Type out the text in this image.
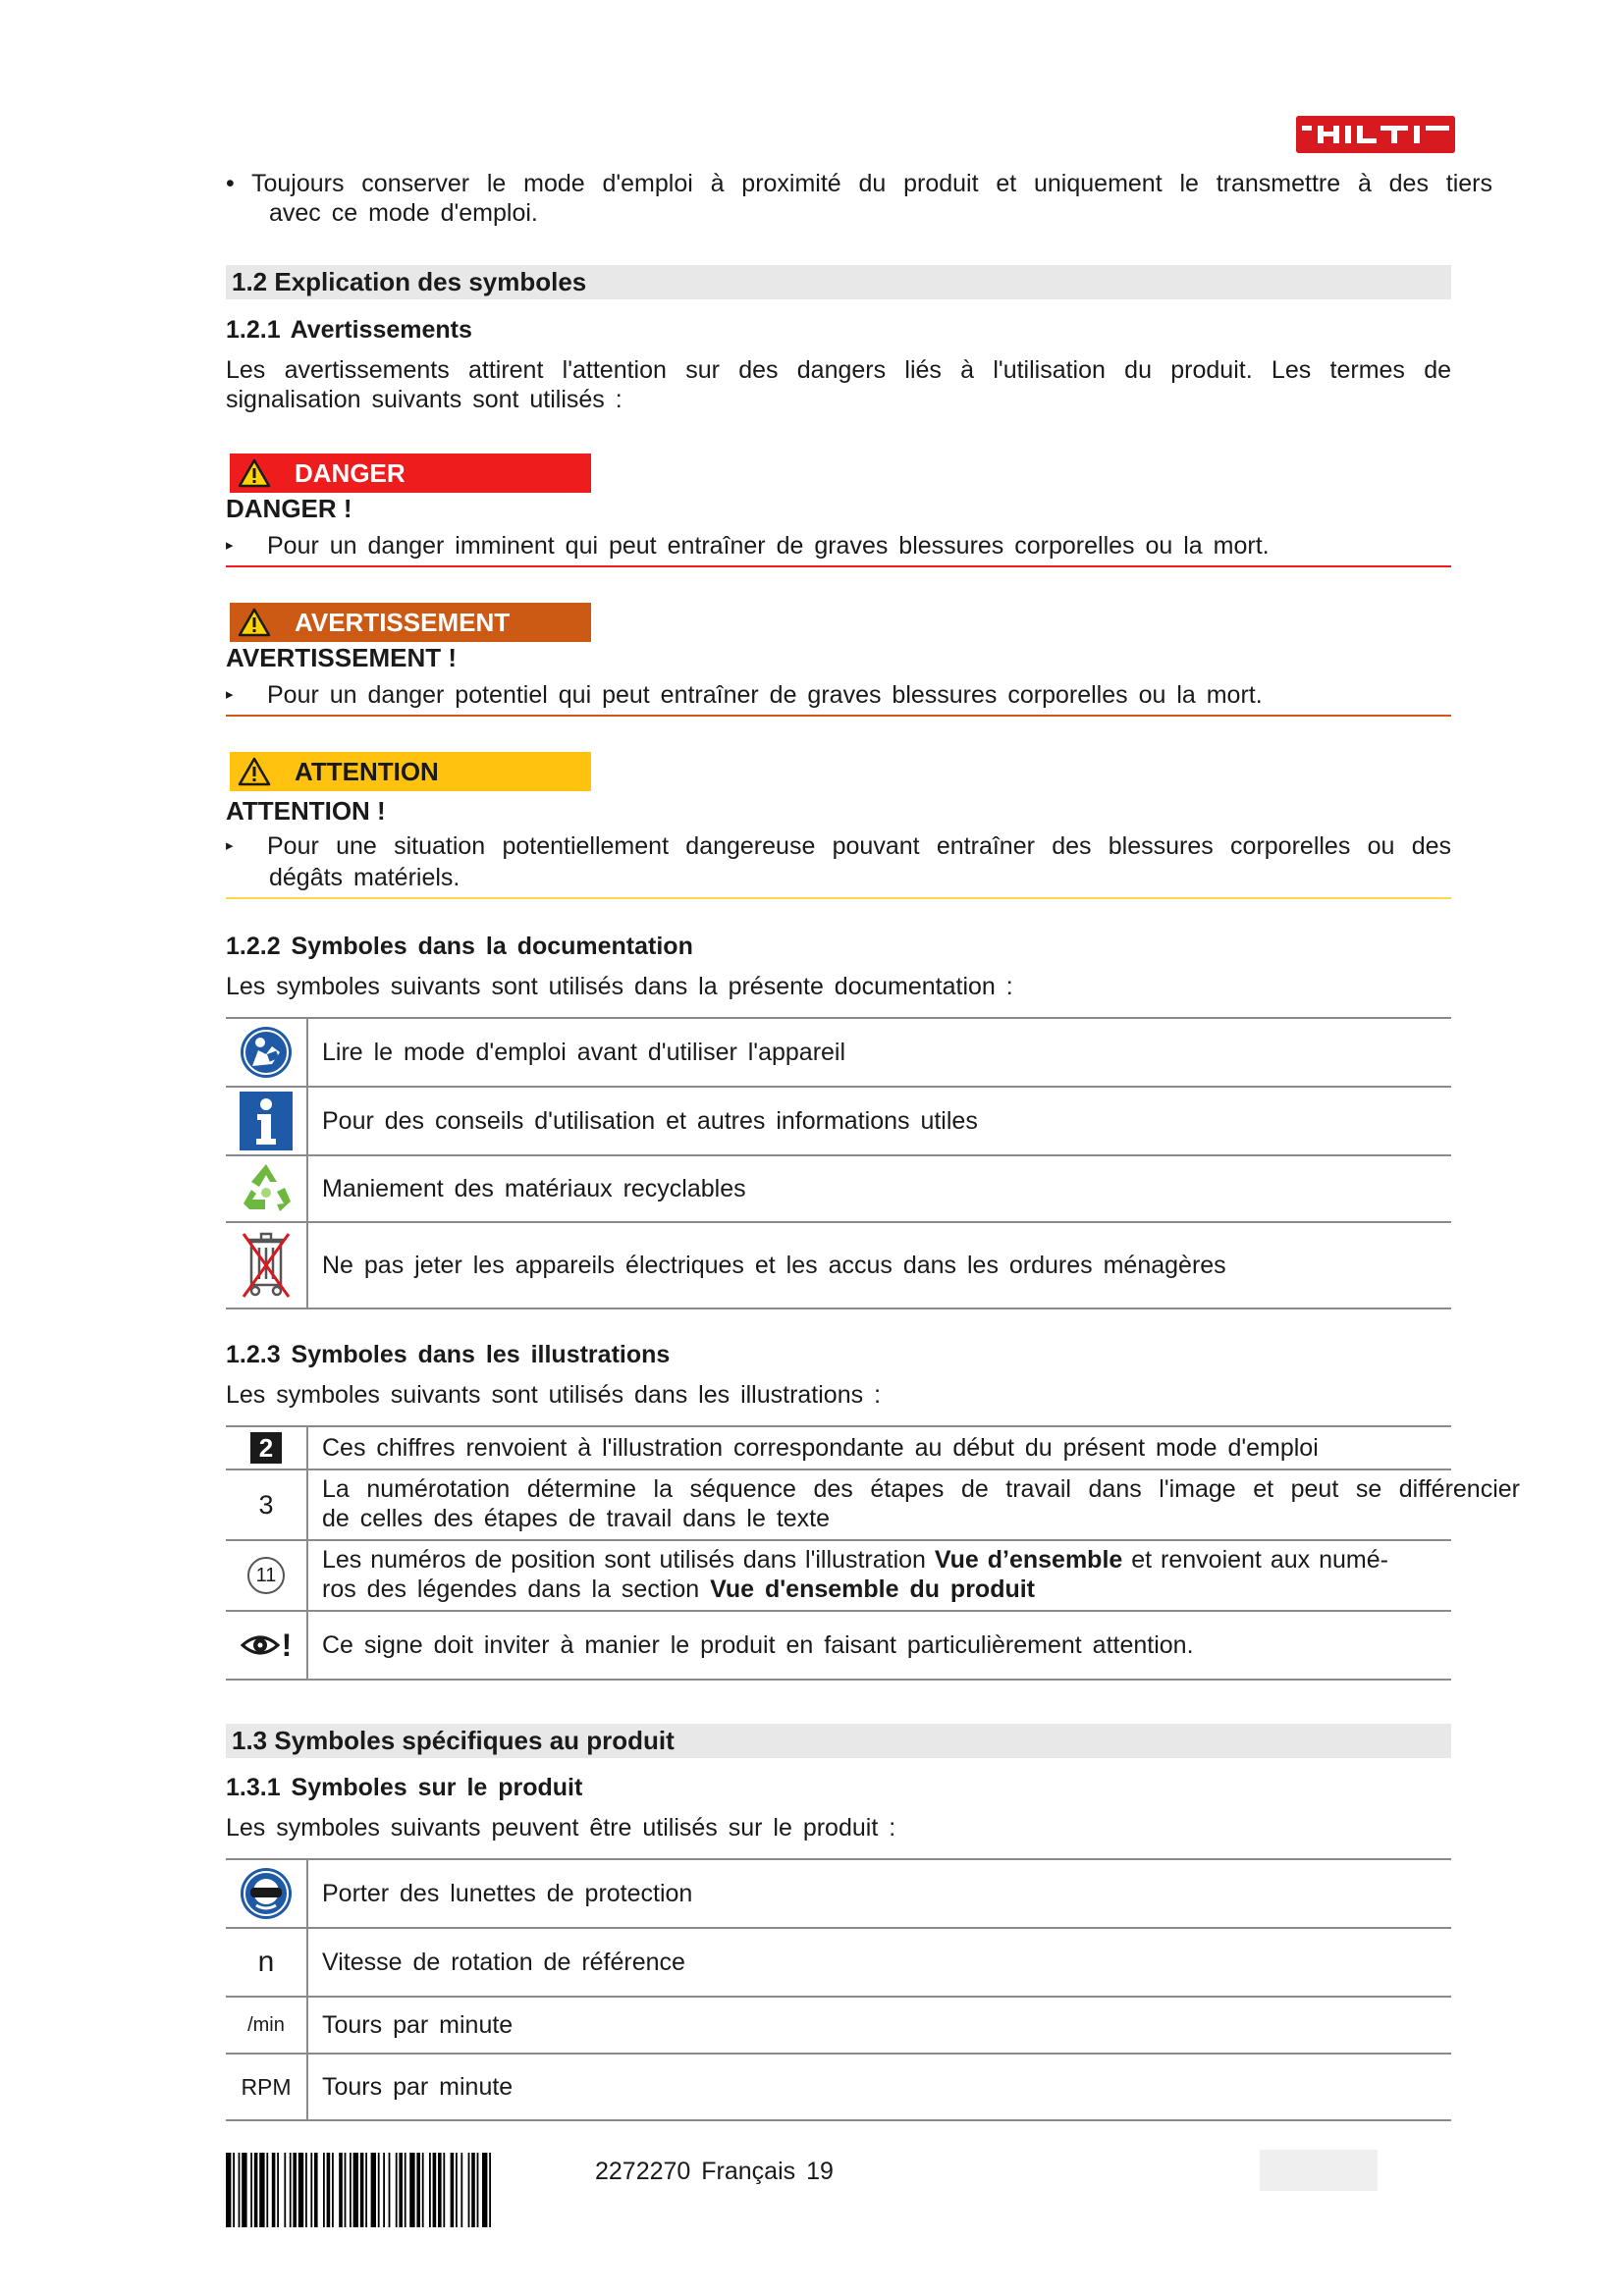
• Toujours conserver le mode d'emploi à proximité du produit et uniquement le transmettre à des tiers
avec ce mode d'emploi.
1.2 Explication des symboles
1.2.1 Avertissements
Les avertissements attirent l'attention sur des dangers liés à l'utilisation du produit. Les termes de signalisation suivants sont utilisés :
DANGER
DANGER !
▸ Pour un danger imminent qui peut entraîner de graves blessures corporelles ou la mort.
AVERTISSEMENT
AVERTISSEMENT !
▸ Pour un danger potentiel qui peut entraîner de graves blessures corporelles ou la mort.
ATTENTION
ATTENTION !
▸ Pour une situation potentiellement dangereuse pouvant entraîner des blessures corporelles ou des
dégâts matériels.
1.2.2 Symboles dans la documentation
Les symboles suivants sont utilisés dans la présente documentation :
Lire le mode d'emploi avant d'utiliser l'appareil
Pour des conseils d'utilisation et autres informations utiles
Maniement des matériaux recyclables
Ne pas jeter les appareils électriques et les accus dans les ordures ménagères
1.2.3 Symboles dans les illustrations
Les symboles suivants sont utilisés dans les illustrations :
2	Ces chiffres renvoient à l'illustration correspondante au début du présent mode d'emploi
3
La numérotation détermine la séquence des étapes de travail dans l'image et peut se différencier
de celles des étapes de travail dans le texte
11
Les numéros de position sont utilisés dans l'illustration Vue d’ensemble et renvoient aux numé-
ros des légendes dans la section Vue d'ensemble du produit
! Ce signe doit inviter à manier le produit en faisant particulièrement attention.
1.3 Symboles spécifiques au produit
1.3.1 Symboles sur le produit
Les symboles suivants peuvent être utilisés sur le produit :
Porter des lunettes de protection
n Vitesse de rotation de référence
/min Tours par minute
RPM Tours par minute
2272270 Français 19
